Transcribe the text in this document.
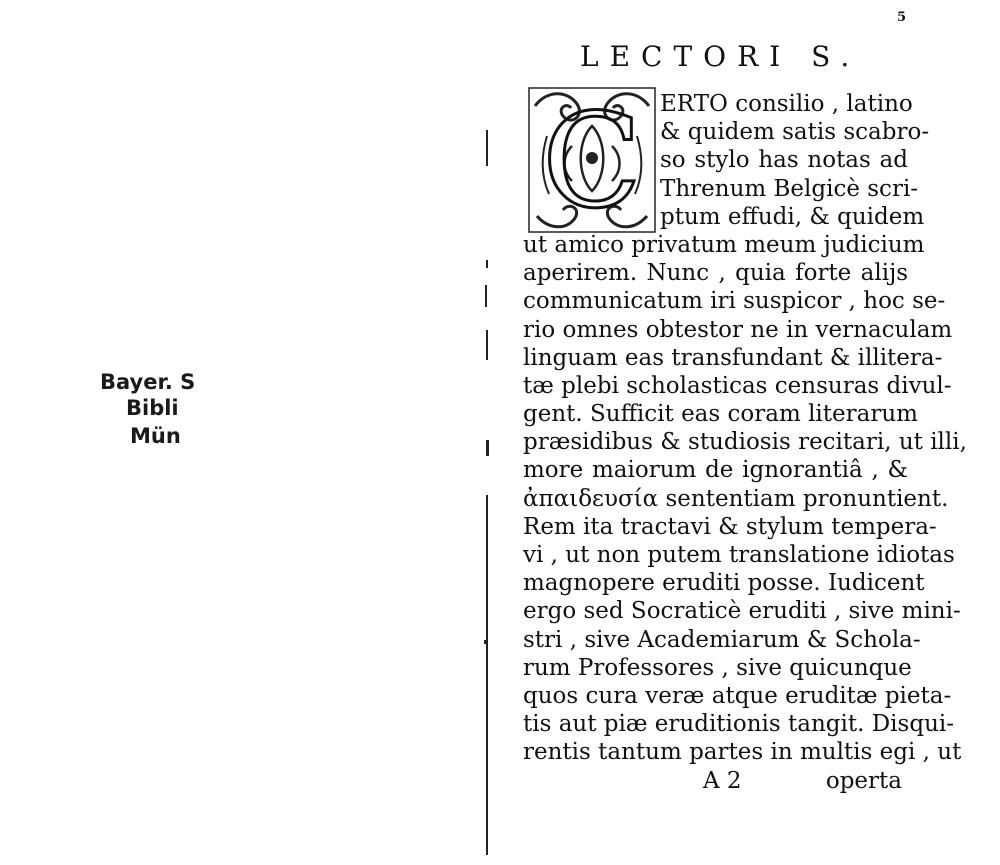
Bayer. S
Bibli
Mün
5
LECTORI S.
C ERTO consilio , latino
& quidem satis scabro-
so stylo has notas ad
Threnum Belgicè scri-
ptum effudi, & quidem
ut amico privatum meum judicium
aperirem. Nunc , quia forte alijs
communicatum iri suspicor , hoc se-
rio omnes obtestor ne in vernaculam
linguam eas transfundant & illitera-
tæ plebi scholasticas censuras divul-
gent. Sufficit eas coram literarum
præsidibus & studiosis recitari, ut illi,
more maiorum de ignorantiâ , &
ἀπαιδευσία sententiam pronuntient.
Rem ita tractavi & stylum tempera-
vi , ut non putem translatione idiotas
magnopere eruditi posse. Iudicent
ergo sed Socraticè eruditi , sive mini-
stri , sive Academiarum & Schola-
rum Professores , sive quicunque
quos cura veræ atque eruditæ pieta-
tis aut piæ eruditionis tangit. Disqui-
rentis tantum partes in multis egi , ut
A 2	operta
